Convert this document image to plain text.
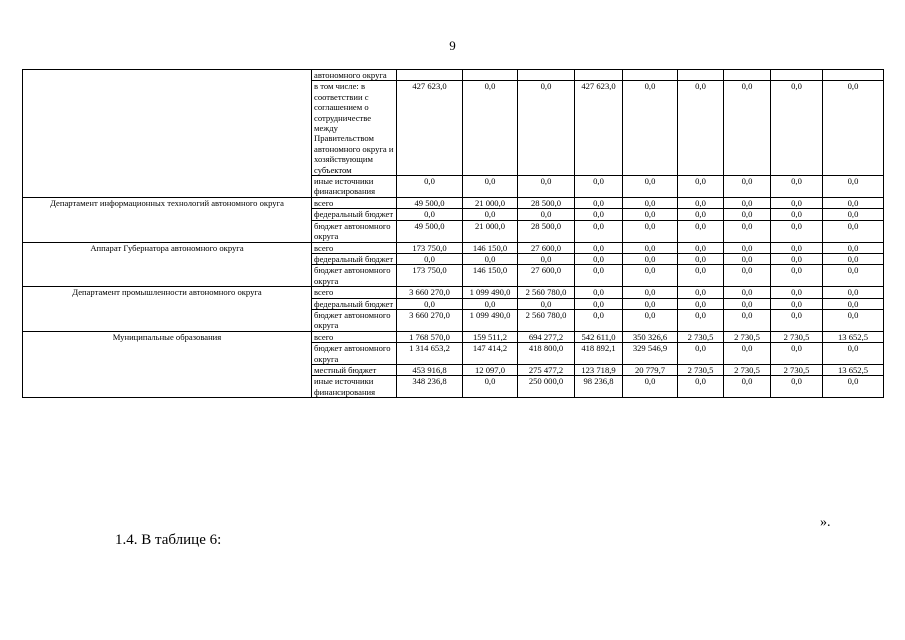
9
	автономного округа									
	в том числе: в соответствии с соглашением о сотрудничестве между Правительством автономного округа и хозяйствующим субъектом	427 623,0	0,0	0,0	427 623,0	0,0	0,0	0,0	0,0	0,0
	иные источники финансирования	0,0	0,0	0,0	0,0	0,0	0,0	0,0	0,0	0,0
Департамент информационных технологий автономного округа	всего	49 500,0	21 000,0	28 500,0	0,0	0,0	0,0	0,0	0,0	0,0
	федеральный бюджет	0,0	0,0	0,0	0,0	0,0	0,0	0,0	0,0	0,0
	бюджет автономного округа	49 500,0	21 000,0	28 500,0	0,0	0,0	0,0	0,0	0,0	0,0
Аппарат Губернатора автономного округа	всего	173 750,0	146 150,0	27 600,0	0,0	0,0	0,0	0,0	0,0	0,0
	федеральный бюджет	0,0	0,0	0,0	0,0	0,0	0,0	0,0	0,0	0,0
	бюджет автономного округа	173 750,0	146 150,0	27 600,0	0,0	0,0	0,0	0,0	0,0	0,0
Департамент промышленности автономного округа	всего	3 660 270,0	1 099 490,0	2 560 780,0	0,0	0,0	0,0	0,0	0,0	0,0
	федеральный бюджет	0,0	0,0	0,0	0,0	0,0	0,0	0,0	0,0	0,0
	бюджет автономного округа	3 660 270,0	1 099 490,0	2 560 780,0	0,0	0,0	0,0	0,0	0,0	0,0
Муниципальные образования	всего	1 768 570,0	159 511,2	694 277,2	542 611,0	350 326,6	2 730,5	2 730,5	2 730,5	13 652,5
	бюджет автономного округа	1 314 653,2	147 414,2	418 800,0	418 892,1	329 546,9	0,0	0,0	0,0	0,0
	местный бюджет	453 916,8	12 097,0	275 477,2	123 718,9	20 779,7	2 730,5	2 730,5	2 730,5	13 652,5
	иные источники финансирования	348 236,8	0,0	250 000,0	98 236,8	0,0	0,0	0,0	0,0	0,0
».
1.4. В таблице 6:
